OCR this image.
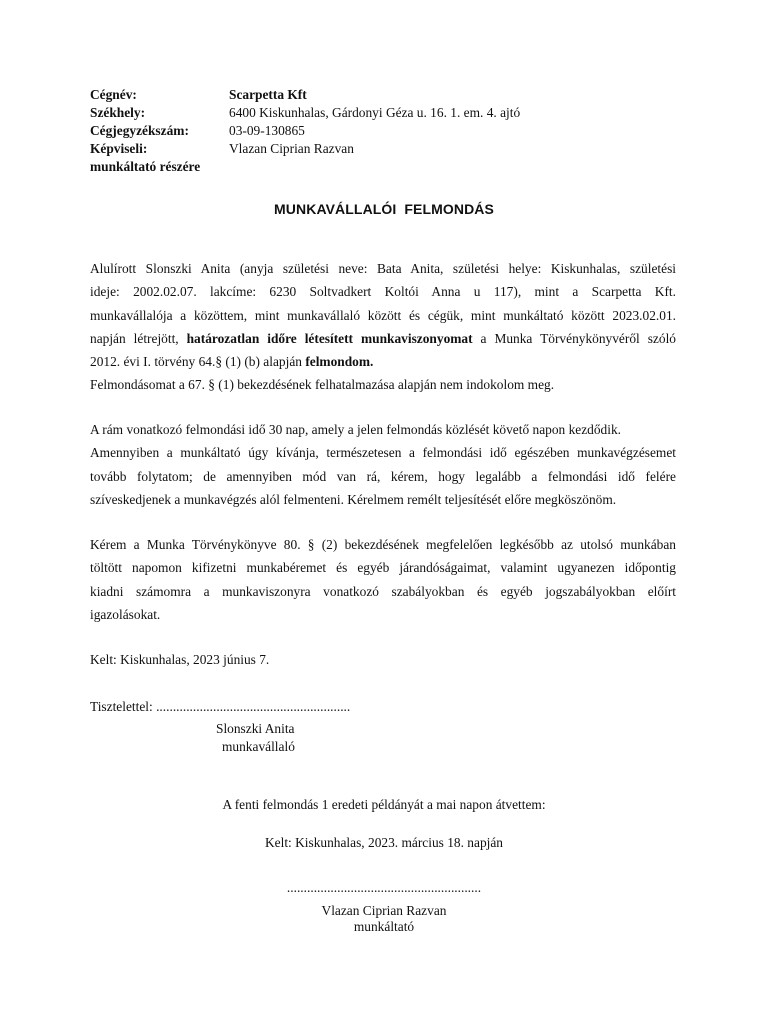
Cégnév:	Scarpetta Kft
Székhely:	6400 Kiskunhalas, Gárdonyi Géza u. 16. 1. em. 4. ajtó
Cégjegyzékszám:	03-09-130865
Képviseli:	Vlazan Ciprian Razvan
munkáltató részére
MUNKAVÁLLALÓI  FELMONDÁS

Alulírott Slonszki Anita (anyja születési neve: Bata Anita, születési helye: Kiskunhalas, születési

ideje: 2002.02.07. lakcíme: 6230 Soltvadkert Koltói Anna u 117), mint a Scarpetta Kft.

munkavállalója a közöttem, mint munkavállaló között és cégük, mint munkáltató között 2023.02.01.

napján létrejött, határozatlan időre létesített munkaviszonyomat a Munka Törvénykönyvéről szóló

2012. évi I. törvény 64.§ (1) (b) alapján felmondom.

Felmondásomat a 67. § (1) bekezdésének felhatalmazása alapján nem indokolom meg.

A rám vonatkozó felmondási idő 30 nap, amely a jelen felmondás közlését követő napon kezdődik.

Amennyiben a munkáltató úgy kívánja, természetesen a felmondási idő egészében munkavégzésemet

tovább folytatom; de amennyiben mód van rá, kérem, hogy legalább a felmondási idő felére

szíveskedjenek a munkavégzés alól felmenteni. Kérelmem remélt teljesítését előre megköszönöm.

Kérem a Munka Törvénykönyve 80. § (2) bekezdésének megfelelően legkésőbb az utolsó munkában

töltött napomon kifizetni munkabéremet és egyéb járandóságaimat, valamint ugyanezen időpontig

kiadni számomra a munkaviszonyra vonatkozó szabályokban és egyéb jogszabályokban előírt

igazolásokat.

Kelt: Kiskunhalas, 2023 június 7.
Tisztelettel: ..........................................................
Slonszki Anita
munkavállaló
A fenti felmondás 1 eredeti példányát a mai napon átvettem:
Kelt: Kiskunhalas, 2023. március 18. napján
..........................................................
Vlazan Ciprian Razvan
munkáltató
